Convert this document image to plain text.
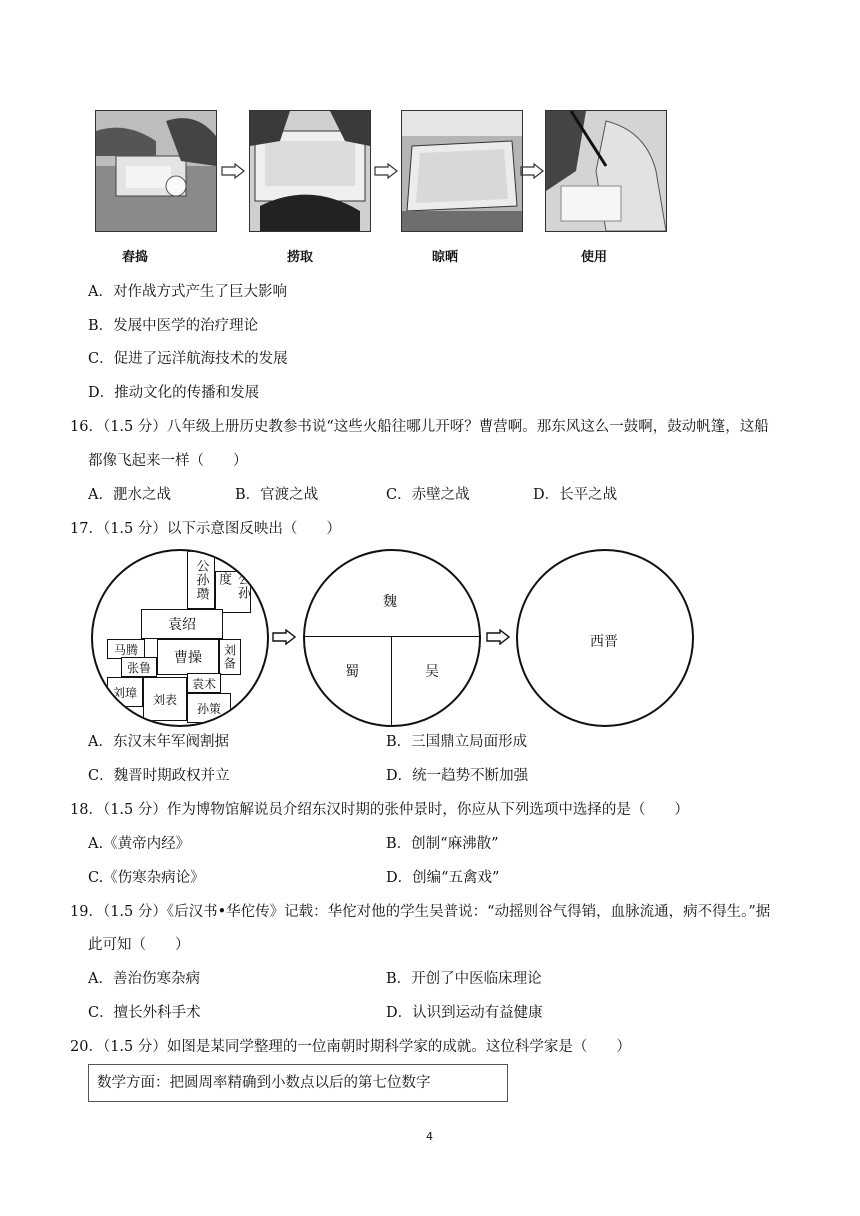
舂捣	捞取	晾晒	使用
A．对作战方式产生了巨大影响
B．发展中医学的治疗理论
C．促进了远洋航海技术的发展
D．推动文化的传播和发展
16．（1.5 分）八年级上册历史教参书说“这些火船往哪儿开呀？曹营啊。那东风这么一鼓啊，鼓动帆篷，这船
都像飞起来一样（　　）
A．淝水之战	B．官渡之战	C．赤壁之战	D．长平之战
17．（1.5 分）以下示意图反映出（　　）
公孙瓒	公孙度
袁绍
马腾
张鲁
曹操	刘备
袁术
刘璋	刘表
孙策
魏
蜀	吴
西晋
A．东汉末年军阀割据	B．三国鼎立局面形成
C．魏晋时期政权并立	D．统一趋势不断加强
18．（1.5 分）作为博物馆解说员介绍东汉时期的张仲景时，你应从下列选项中选择的是（　　）
A.《黄帝内经》	B．创制“麻沸散”
C.《伤寒杂病论》	D．创编“五禽戏”
19．（1.5 分）《后汉书•华佗传》记载：华佗对他的学生吴普说：“动摇则谷气得销，血脉流通，病不得生。”据
此可知（　　）
A．善治伤寒杂病	B．开创了中医临床理论
C．擅长外科手术	D．认识到运动有益健康
20．（1.5 分）如图是某同学整理的一位南朝时期科学家的成就。这位科学家是（　　）
数学方面：把圆周率精确到小数点以后的第七位数字
4
